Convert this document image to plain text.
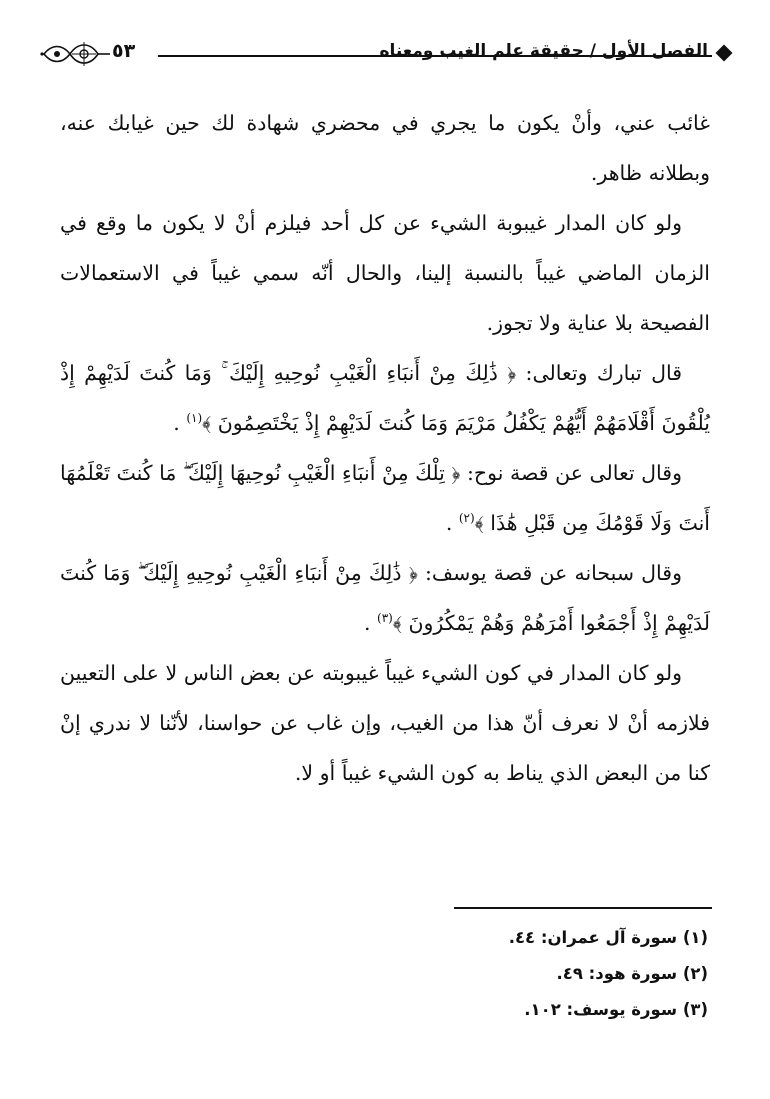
الفصل الأول / حقيقة علم الغيب ومعناه
٥٣

غائب عني، وأنْ يكون ما يجري في محضري شهادة لك حين غيابك عنه، وبطلانه ظاهر.

ولو كان المدار غيبوبة الشيء عن كل أحد فيلزم أنْ لا يكون ما وقع في الزمان الماضي غيباً بالنسبة إلينا، والحال أنّه سمي غيباً في الاستعمالات الفصيحة بلا عناية ولا تجوز.

قال تبارك وتعالى: ﴿ ذَٰلِكَ مِنْ أَنبَاءِ الْغَيْبِ نُوحِيهِ إِلَيْكَ ۚ وَمَا كُنتَ لَدَيْهِمْ إِذْ يُلْقُونَ أَقْلَامَهُمْ أَيُّهُمْ يَكْفُلُ مَرْيَمَ وَمَا كُنتَ لَدَيْهِمْ إِذْ يَخْتَصِمُونَ ﴾$^{(١)}$ .

وقال تعالى عن قصة نوح: ﴿ تِلْكَ مِنْ أَنبَاءِ الْغَيْبِ نُوحِيهَا إِلَيْكَ ۖ مَا كُنتَ تَعْلَمُهَا أَنتَ وَلَا قَوْمُكَ مِن قَبْلِ هَٰذَا ﴾$^{(٢)}$ .

وقال سبحانه عن قصة يوسف: ﴿ ذَٰلِكَ مِنْ أَنبَاءِ الْغَيْبِ نُوحِيهِ إِلَيْكَ ۖ وَمَا كُنتَ لَدَيْهِمْ إِذْ أَجْمَعُوا أَمْرَهُمْ وَهُمْ يَمْكُرُونَ ﴾$^{(٣)}$ .

ولو كان المدار في كون الشيء غيباً غيبوبته عن بعض الناس لا على التعيين فلازمه أنْ لا نعرف أنّ هذا من الغيب، وإن غاب عن حواسنا، لأنّنا لا ندري إنْ كنا من البعض الذي يناط به كون الشيء غيباً أو لا.

(١) سورة آل عمران: ٤٤.
(٢) سورة هود: ٤٩.
(٣) سورة يوسف: ١٠٢.
